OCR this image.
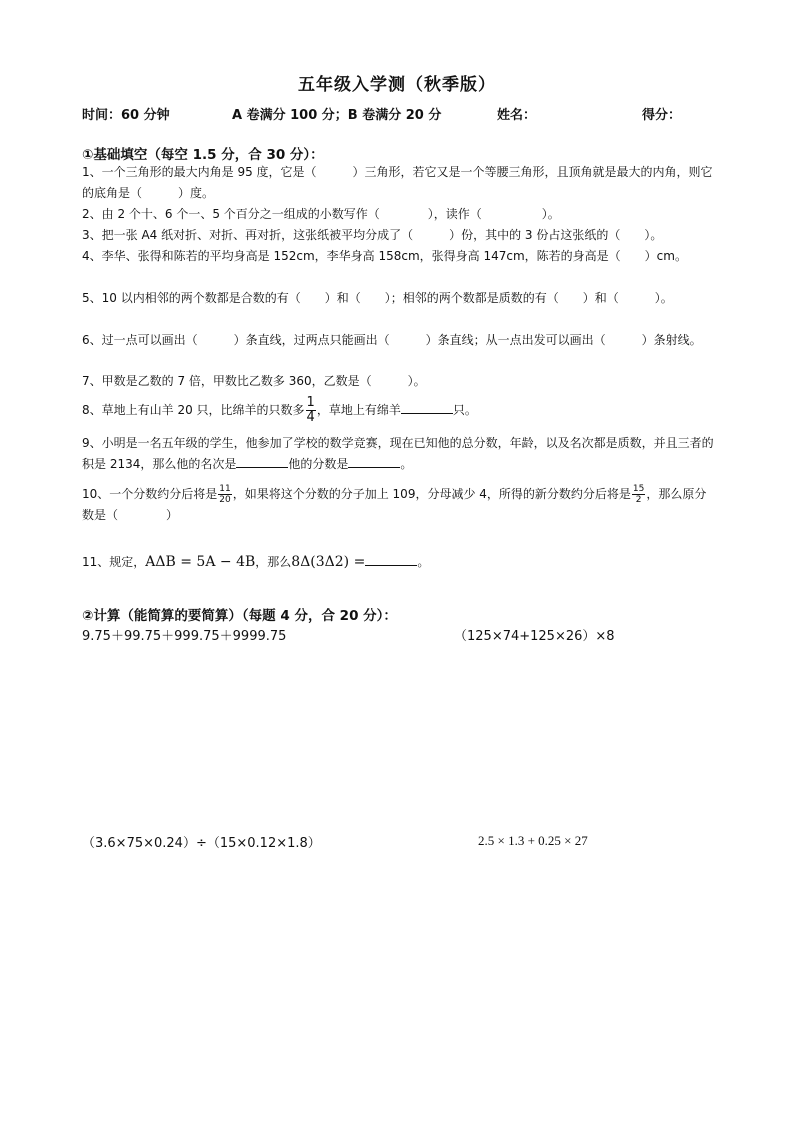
五年级入学测（秋季版）
时间：60 分钟	A 卷满分 100 分；B 卷满分 20 分	姓名：	得分：
①基础填空（每空 1.5 分，合 30 分）：
1、一个三角形的最大内角是 95 度，它是（　　　）三角形，若它又是一个等腰三角形，且顶角就是最大的内角，则它的底角是（　　　）度。
2、由 2 个十、6 个一、5 个百分之一组成的小数写作（　　　　），读作（　　　　　）。
3、把一张 A4 纸对折、对折、再对折，这张纸被平均分成了（　　　）份，其中的 3 份占这张纸的（　　）。
4、李华、张得和陈若的平均身高是 152cm，李华身高 158cm，张得身高 147cm，陈若的身高是（　　）cm。
5、10 以内相邻的两个数都是合数的有（　　）和（　　）；相邻的两个数都是质数的有（　　）和（　　　）。
6、过一点可以画出（　　　）条直线，过两点只能画出（　　　）条直线；从一点出发可以画出（　　　）条射线。
7、甲数是乙数的 7 倍，甲数比乙数多 360，乙数是（　　　）。
8、草地上有山羊 20 只，比绵羊的只数多 $\frac{1}{4}$ ，草地上有绵羊	只。
9、小明是一名五年级的学生，他参加了学校的数学竞赛，现在已知他的总分数，年龄，以及名次都是质数，并且三者的积是 2134，那么他的名次是	他的分数是	。
10、一个分数约分后将是 $\frac{11}{20}$ ，如果将这个分数的分子加上 109，分母减少 4，所得的新分数约分后将是 $\frac{15}{2}$ ，那么原分数是（　　　　）
11、规定，AΔB = 5A − 4B，那么8Δ(3Δ2) =	。
②计算（能简算的要简算）（每题 4 分，合 20 分）：
9.75＋99.75＋999.75＋9999.75	（125×74+125×26）×8
（3.6×75×0.24）÷（15×0.12×1.8）	2.5 × 1.3 + 0.25 × 27
